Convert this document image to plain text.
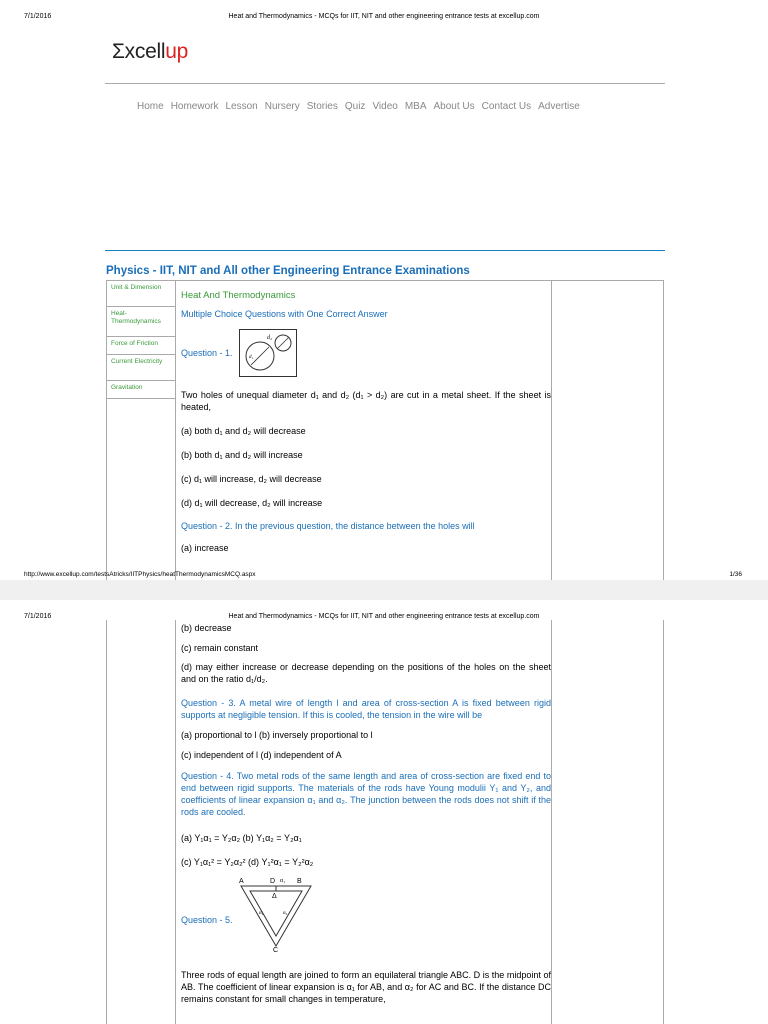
7/1/2016	Heat and Thermodynamics - MCQs for IIT, NIT and other engineering entrance tests at excellup.com
Σxcellup
Home Homework Lesson Nursery Stories Quiz Video MBA About Us Contact Us Advertise
Physics - IIT, NIT and All other Engineering Entrance Examinations
Unit & Dimension
Heat-Thermodynamics
Force of Friction
Current Electricity
Gravitation
Heat And Thermodynamics
Multiple Choice Questions with One Correct Answer
Question - 1.
d₂
d₁
Two holes of unequal diameter d₁ and d₂ (d₁ > d₂) are cut in a metal sheet. If the sheet is heated,
(a) both d₁ and d₂ will decrease
(b) both d₁ and d₂ will increase
(c) d₁ will increase, d₂ will decrease
(d) d₁ will decrease, d₂ will increase
Question - 2. In the previous question, the distance between the holes will
(a) increase
http://www.excellup.com/testsAtricks/IITPhysics/heatThermodynamicsMCQ.aspx	1/36
7/1/2016	Heat and Thermodynamics - MCQs for IIT, NIT and other engineering entrance tests at excellup.com
(b) decrease
(c) remain constant
(d) may either increase or decrease depending on the positions of the holes on the sheet and on the ratio d₁/d₂.
Question - 3. A metal wire of length l and area of cross-section A is fixed between rigid supports at negligible tension. If this is cooled, the tension in the wire will be
(a) proportional to l (b) inversely proportional to l
(c) independent of l (d) independent of A
Question - 4. Two metal rods of the same length and area of cross-section are fixed end to end between rigid supports. The materials of the rods have Young modulii Y₁ and Y₂, and coefficients of linear expansion α₁ and α₂. The junction between the rods does not shift if the rods are cooled.
(a) Y₁α₁ = Y₂α₂ (b) Y₁α₂ = Y₂α₁
(c) Y₁α₁² = Y₂α₂² (d) Y₁²α₁ = Y₂²α₂
A	D α₁ B
Δ
α₂	α₂
C
Question - 5.
Three rods of equal length are joined to form an equilateral triangle ABC. D is the midpoint of AB. The coefficient of linear expansion is α₁ for AB, and α₂ for AC and BC. If the distance DC remains constant for small changes in temperature,
